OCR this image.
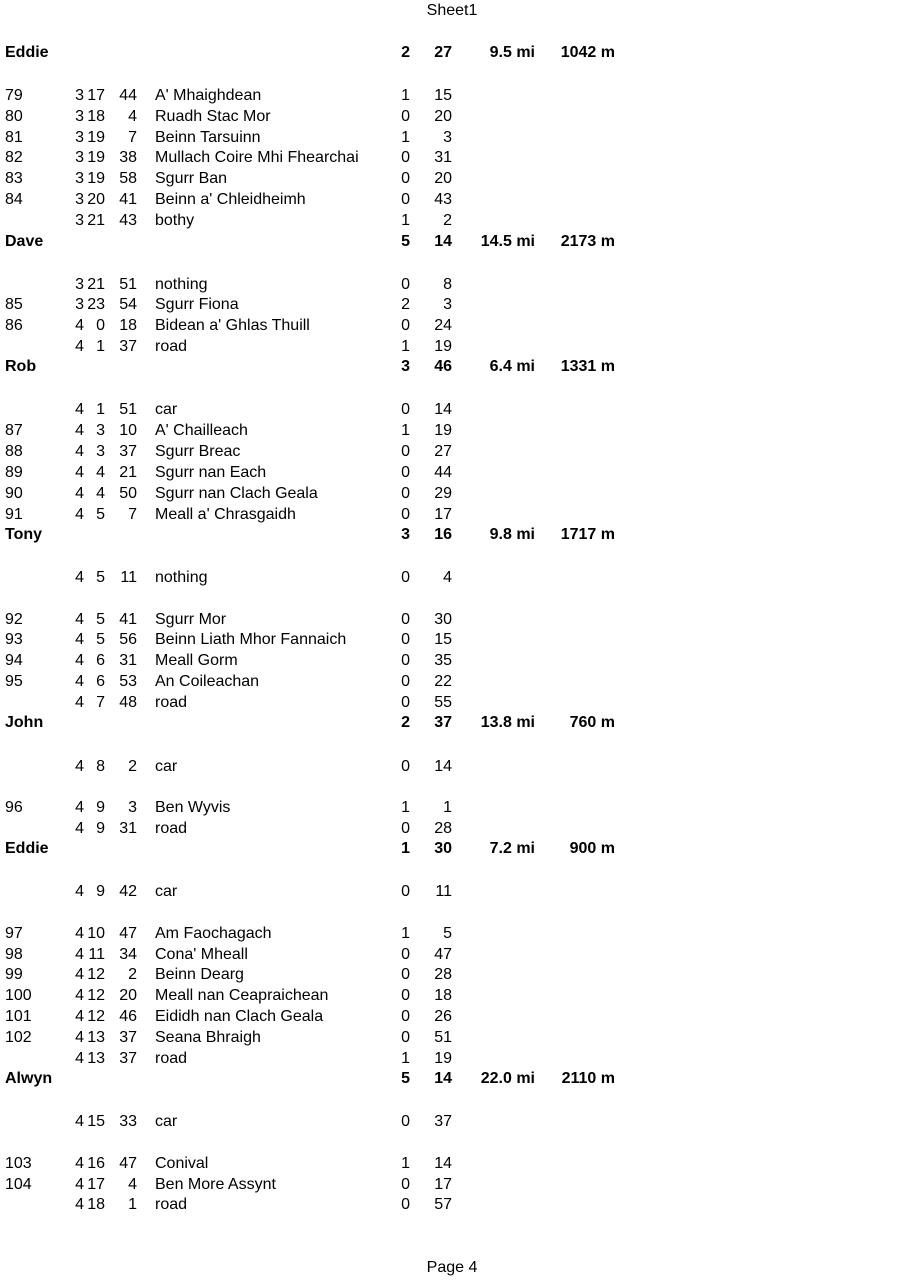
Sheet1
Eddie	2 27	9.5 mi	1042 m
79	3 17 44 A' Mhaighdean	1 15
80	3 18	4 Ruadh Stac Mor	0 20
81	3 19	7 Beinn Tarsuinn	1	3
82	3 19 38 Mullach Coire Mhi Fhearchai	0 31
83	3 19 58 Sgurr Ban	0 20
84	3 20 41 Beinn a' Chleidheimh	0 43
3 21 43 bothy	1	2
Dave	5 14	14.5 mi	2173 m
3 21 51 nothing	0	8
85	3 23 54 Sgurr Fiona	2	3
86	4 0 18 Bidean a' Ghlas Thuill	0 24
4 1 37 road	1 19
Rob	3 46	6.4 mi	1331 m
4 1 51 car	0 14
87	4 3 10 A' Chailleach	1 19
88	4 3 37 Sgurr Breac	0 27
89	4 4 21 Sgurr nan Each	0 44
90	4 4 50 Sgurr nan Clach Geala	0 29
91	4 5	7 Meall a' Chrasgaidh	0 17
Tony	3 16	9.8 mi	1717 m
4 5 11 nothing	0	4
92	4 5 41 Sgurr Mor	0 30
93	4 5 56 Beinn Liath Mhor Fannaich	0 15
94	4 6 31 Meall Gorm	0 35
95	4 6 53 An Coileachan	0 22
4 7 48 road	0 55
John	2 37	13.8 mi	760 m
4 8	2 car	0 14
96	4 9	3 Ben Wyvis	1	1
4 9 31 road	0 28
Eddie	1 30	7.2 mi	900 m
4 9 42 car	0	11
97	4 10 47 Am Faochagach	1	5
98	4 11 34 Cona' Mheall	0 47
99	4 12	2 Beinn Dearg	0 28
100	4 12 20 Meall nan Ceapraichean	0 18
101	4 12 46 Eididh nan Clach Geala	0 26
102	4 13 37 Seana Bhraigh	0 51
4 13 37 road	1 19
Alwyn	5 14	22.0 mi	2110 m
4 15 33 car	0 37
103	4 16 47 Conival	1 14
104	4 17	4 Ben More Assynt	0 17
4 18	1 road	0 57
Page 4
